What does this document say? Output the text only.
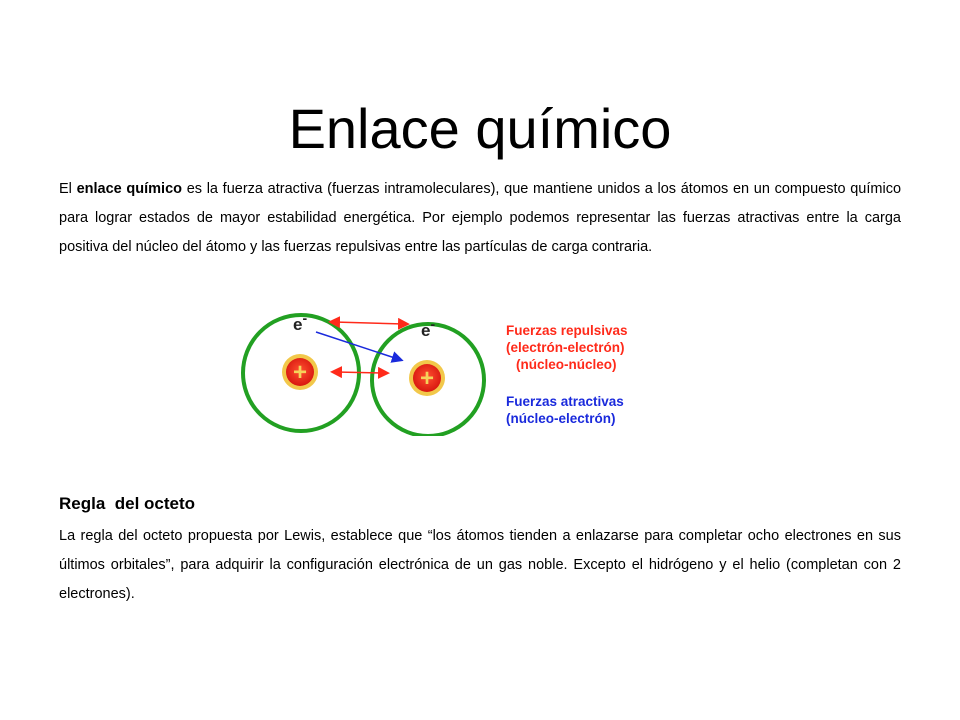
Enlace químico

El enlace químico es la fuerza atractiva (fuerzas intramoleculares), que mantiene unidos a los átomos en un compuesto químico para lograr estados de mayor estabilidad energética. Por ejemplo podemos representar las fuerzas atractivas entre la carga positiva del núcleo del átomo y las fuerzas repulsivas entre las partículas de carga contraria.

+	+
e-
e-	Fuerzas repulsivas
(electrón-electrón)
(núcleo-núcleo)
Fuerzas atractivas
(núcleo-electrón)
Regla  del octeto

La regla del octeto propuesta por Lewis, establece que “los átomos tienden a enlazarse para completar ocho electrones en sus últimos orbitales”, para adquirir la configuración electrónica de un gas noble. Excepto el hidrógeno y el helio (completan con 2 electrones).
